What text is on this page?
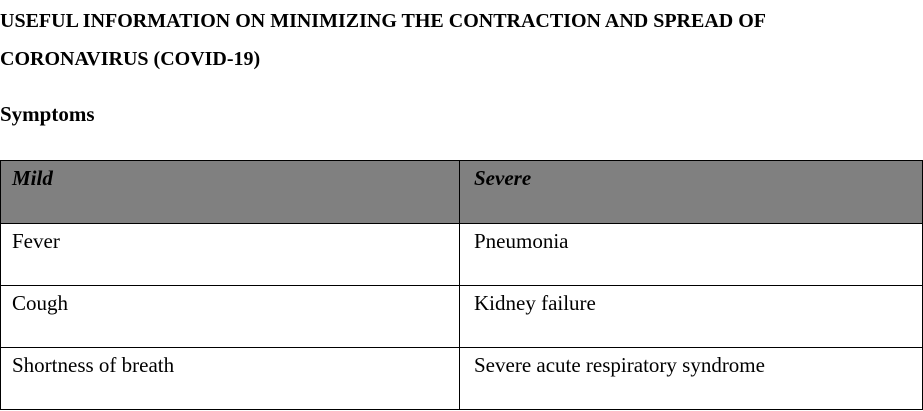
USEFUL INFORMATION ON MINIMIZING THE CONTRACTION AND SPREAD OF CORONAVIRUS (COVID-19)
Symptoms
Mild	Severe
Fever	Pneumonia
Cough	Kidney failure
Shortness of breath	Severe acute respiratory syndrome
